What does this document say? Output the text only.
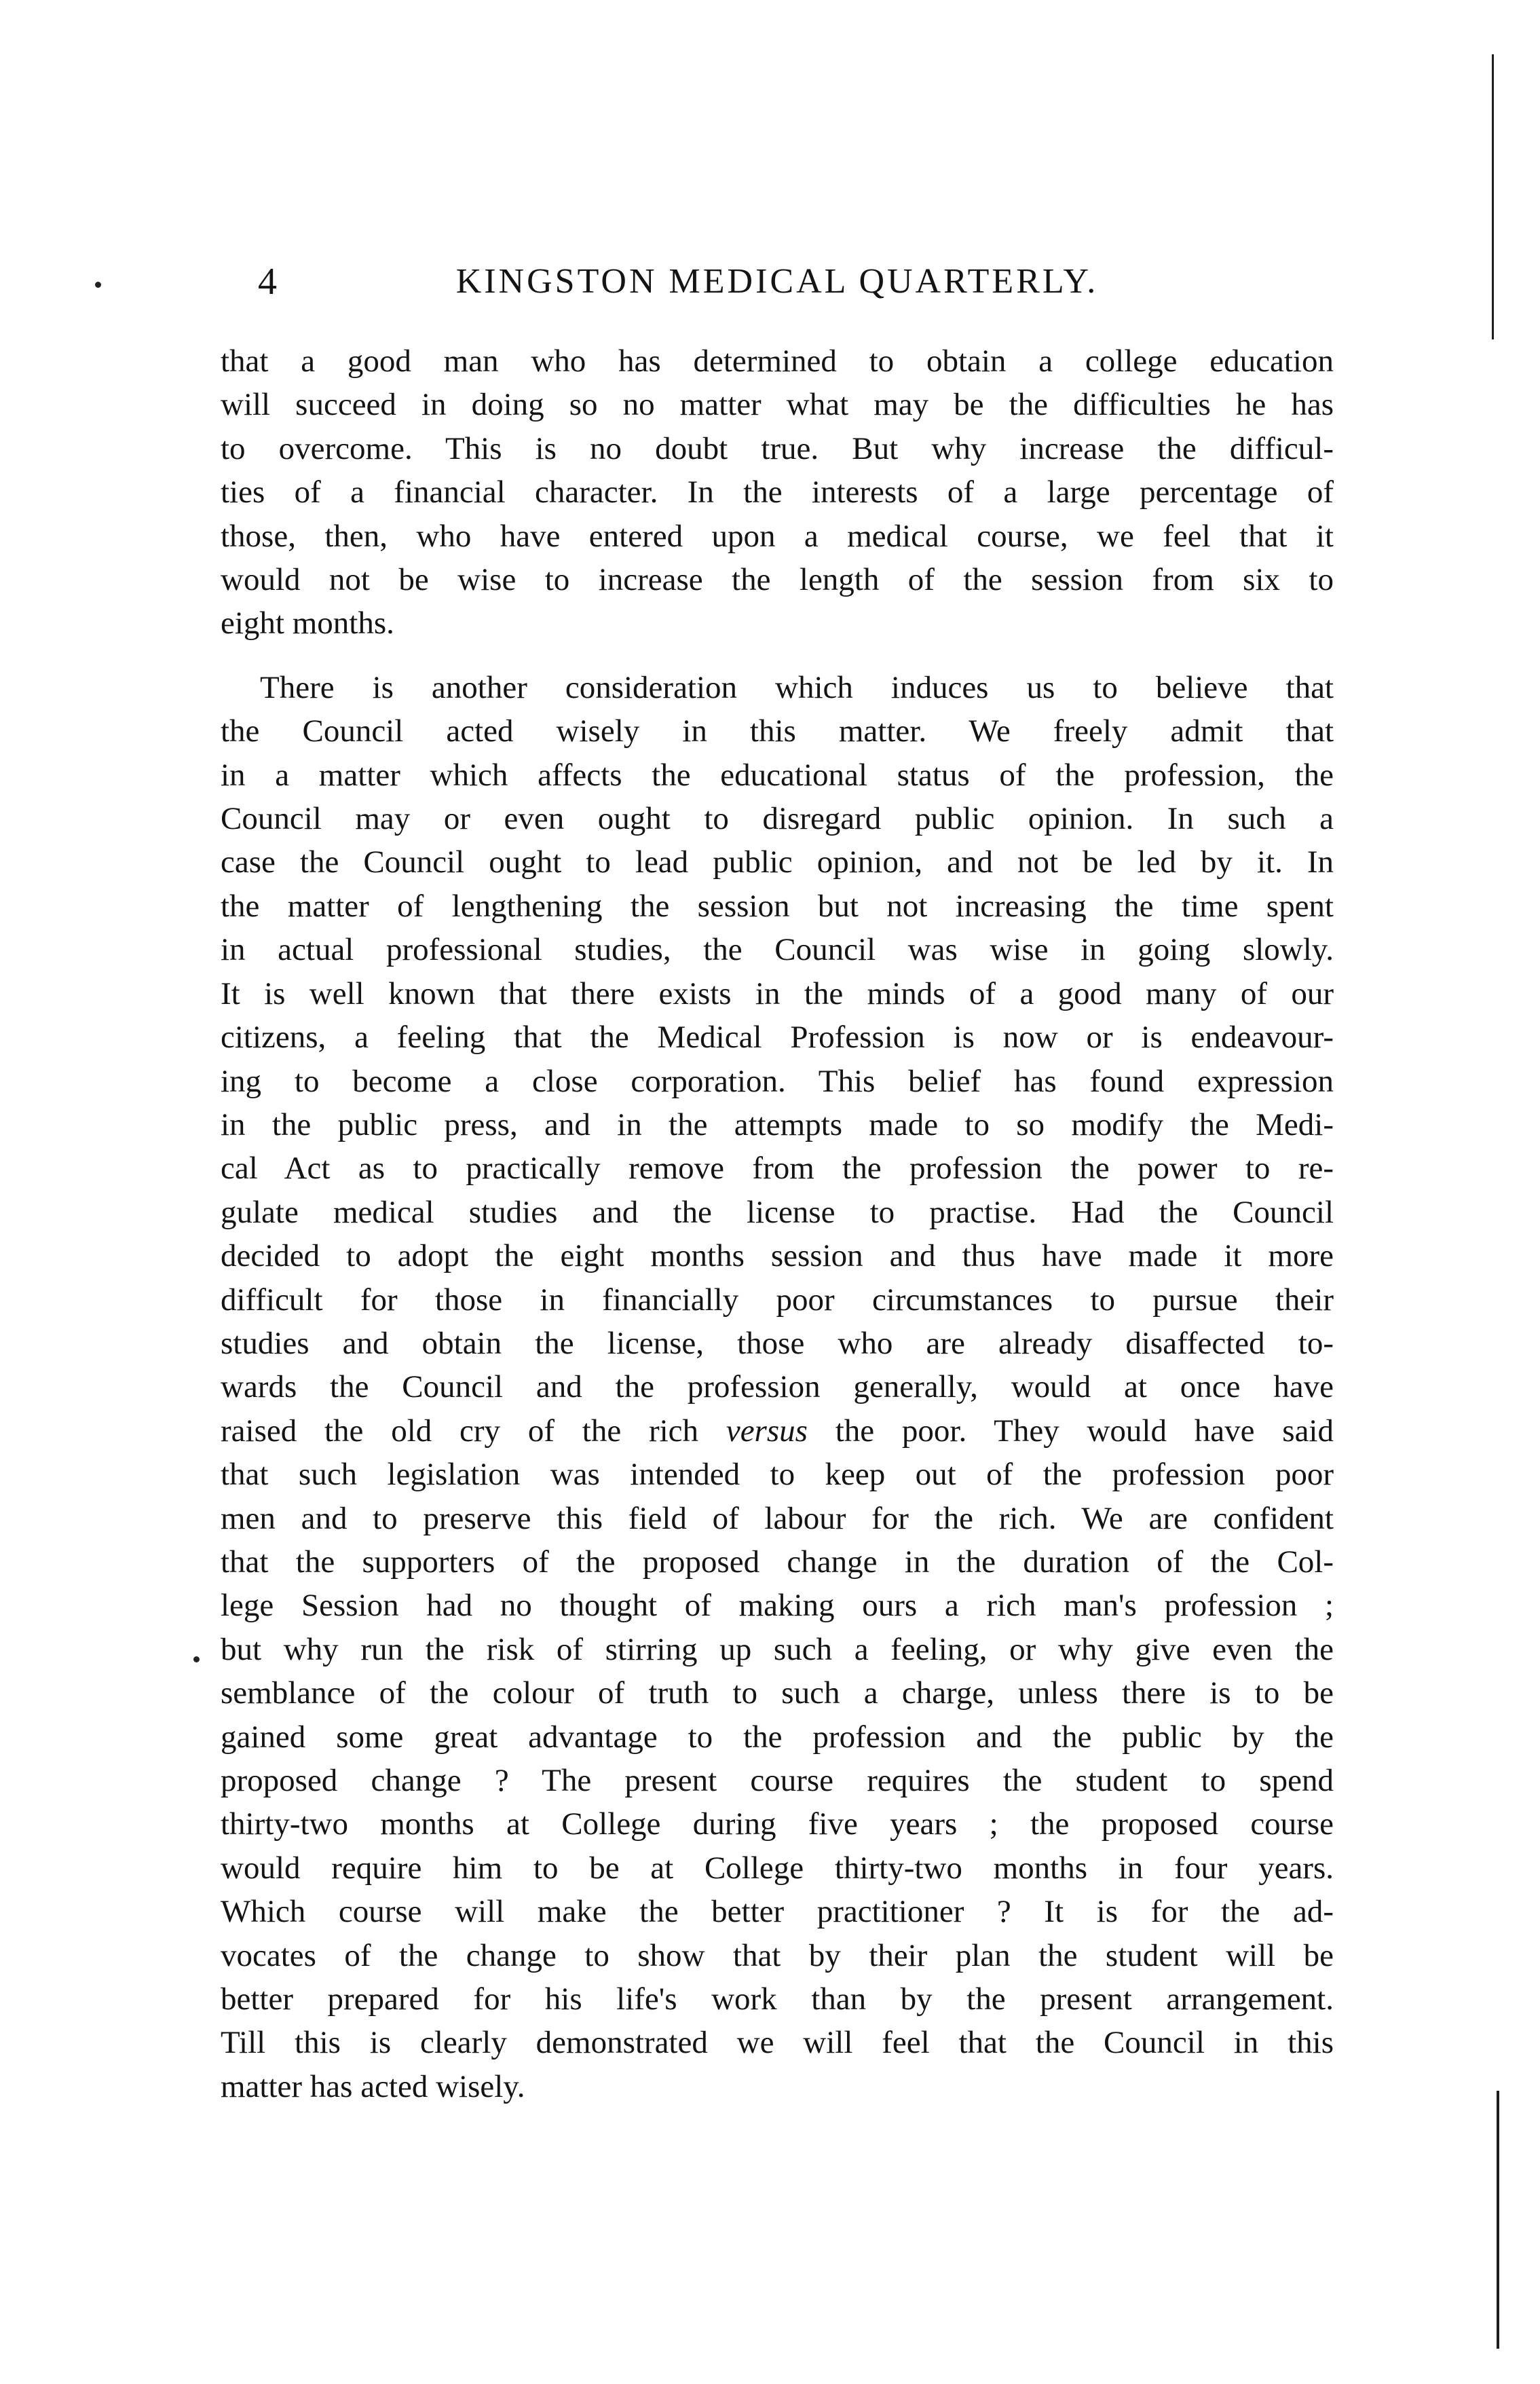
4	KINGSTON MEDICAL QUARTERLY.

that a good man who has determined to obtain a college education
will succeed in doing so no matter what may be the difficulties he has
to overcome. This is no doubt true. But why increase the difficul-
ties of a financial character. In the interests of a large percentage of
those, then, who have entered upon a medical course, we feel that it
would not be wise to increase the length of the session from six to
eight months.

There is another consideration which induces us to believe that
the Council acted wisely in this matter. We freely admit that
in a matter which affects the educational status of the profession, the
Council may or even ought to disregard public opinion. In such a
case the Council ought to lead public opinion, and not be led by it. In
the matter of lengthening the session but not increasing the time spent
in actual professional studies, the Council was wise in going slowly.
It is well known that there exists in the minds of a good many of our
citizens, a feeling that the Medical Profession is now or is endeavour-
ing to become a close corporation. This belief has found expression
in the public press, and in the attempts made to so modify the Medi-
cal Act as to practically remove from the profession the power to re-
gulate medical studies and the license to practise. Had the Council
decided to adopt the eight months session and thus have made it more
difficult for those in financially poor circumstances to pursue their
studies and obtain the license, those who are already disaffected to-
wards the Council and the profession generally, would at once have
raised the old cry of the rich versus the poor. They would have said
that such legislation was intended to keep out of the profession poor
men and to preserve this field of labour for the rich. We are confident
that the supporters of the proposed change in the duration of the Col-
lege Session had no thought of making ours a rich man's profession ;
but why run the risk of stirring up such a feeling, or why give even the
semblance of the colour of truth to such a charge, unless there is to be
gained some great advantage to the profession and the public by the
proposed change ? The present course requires the student to spend
thirty-two months at College during five years ; the proposed course
would require him to be at College thirty-two months in four years.
Which course will make the better practitioner ? It is for the ad-
vocates of the change to show that by their plan the student will be
better prepared for his life's work than by the present arrangement.
Till this is clearly demonstrated we will feel that the Council in this
matter has acted wisely.
